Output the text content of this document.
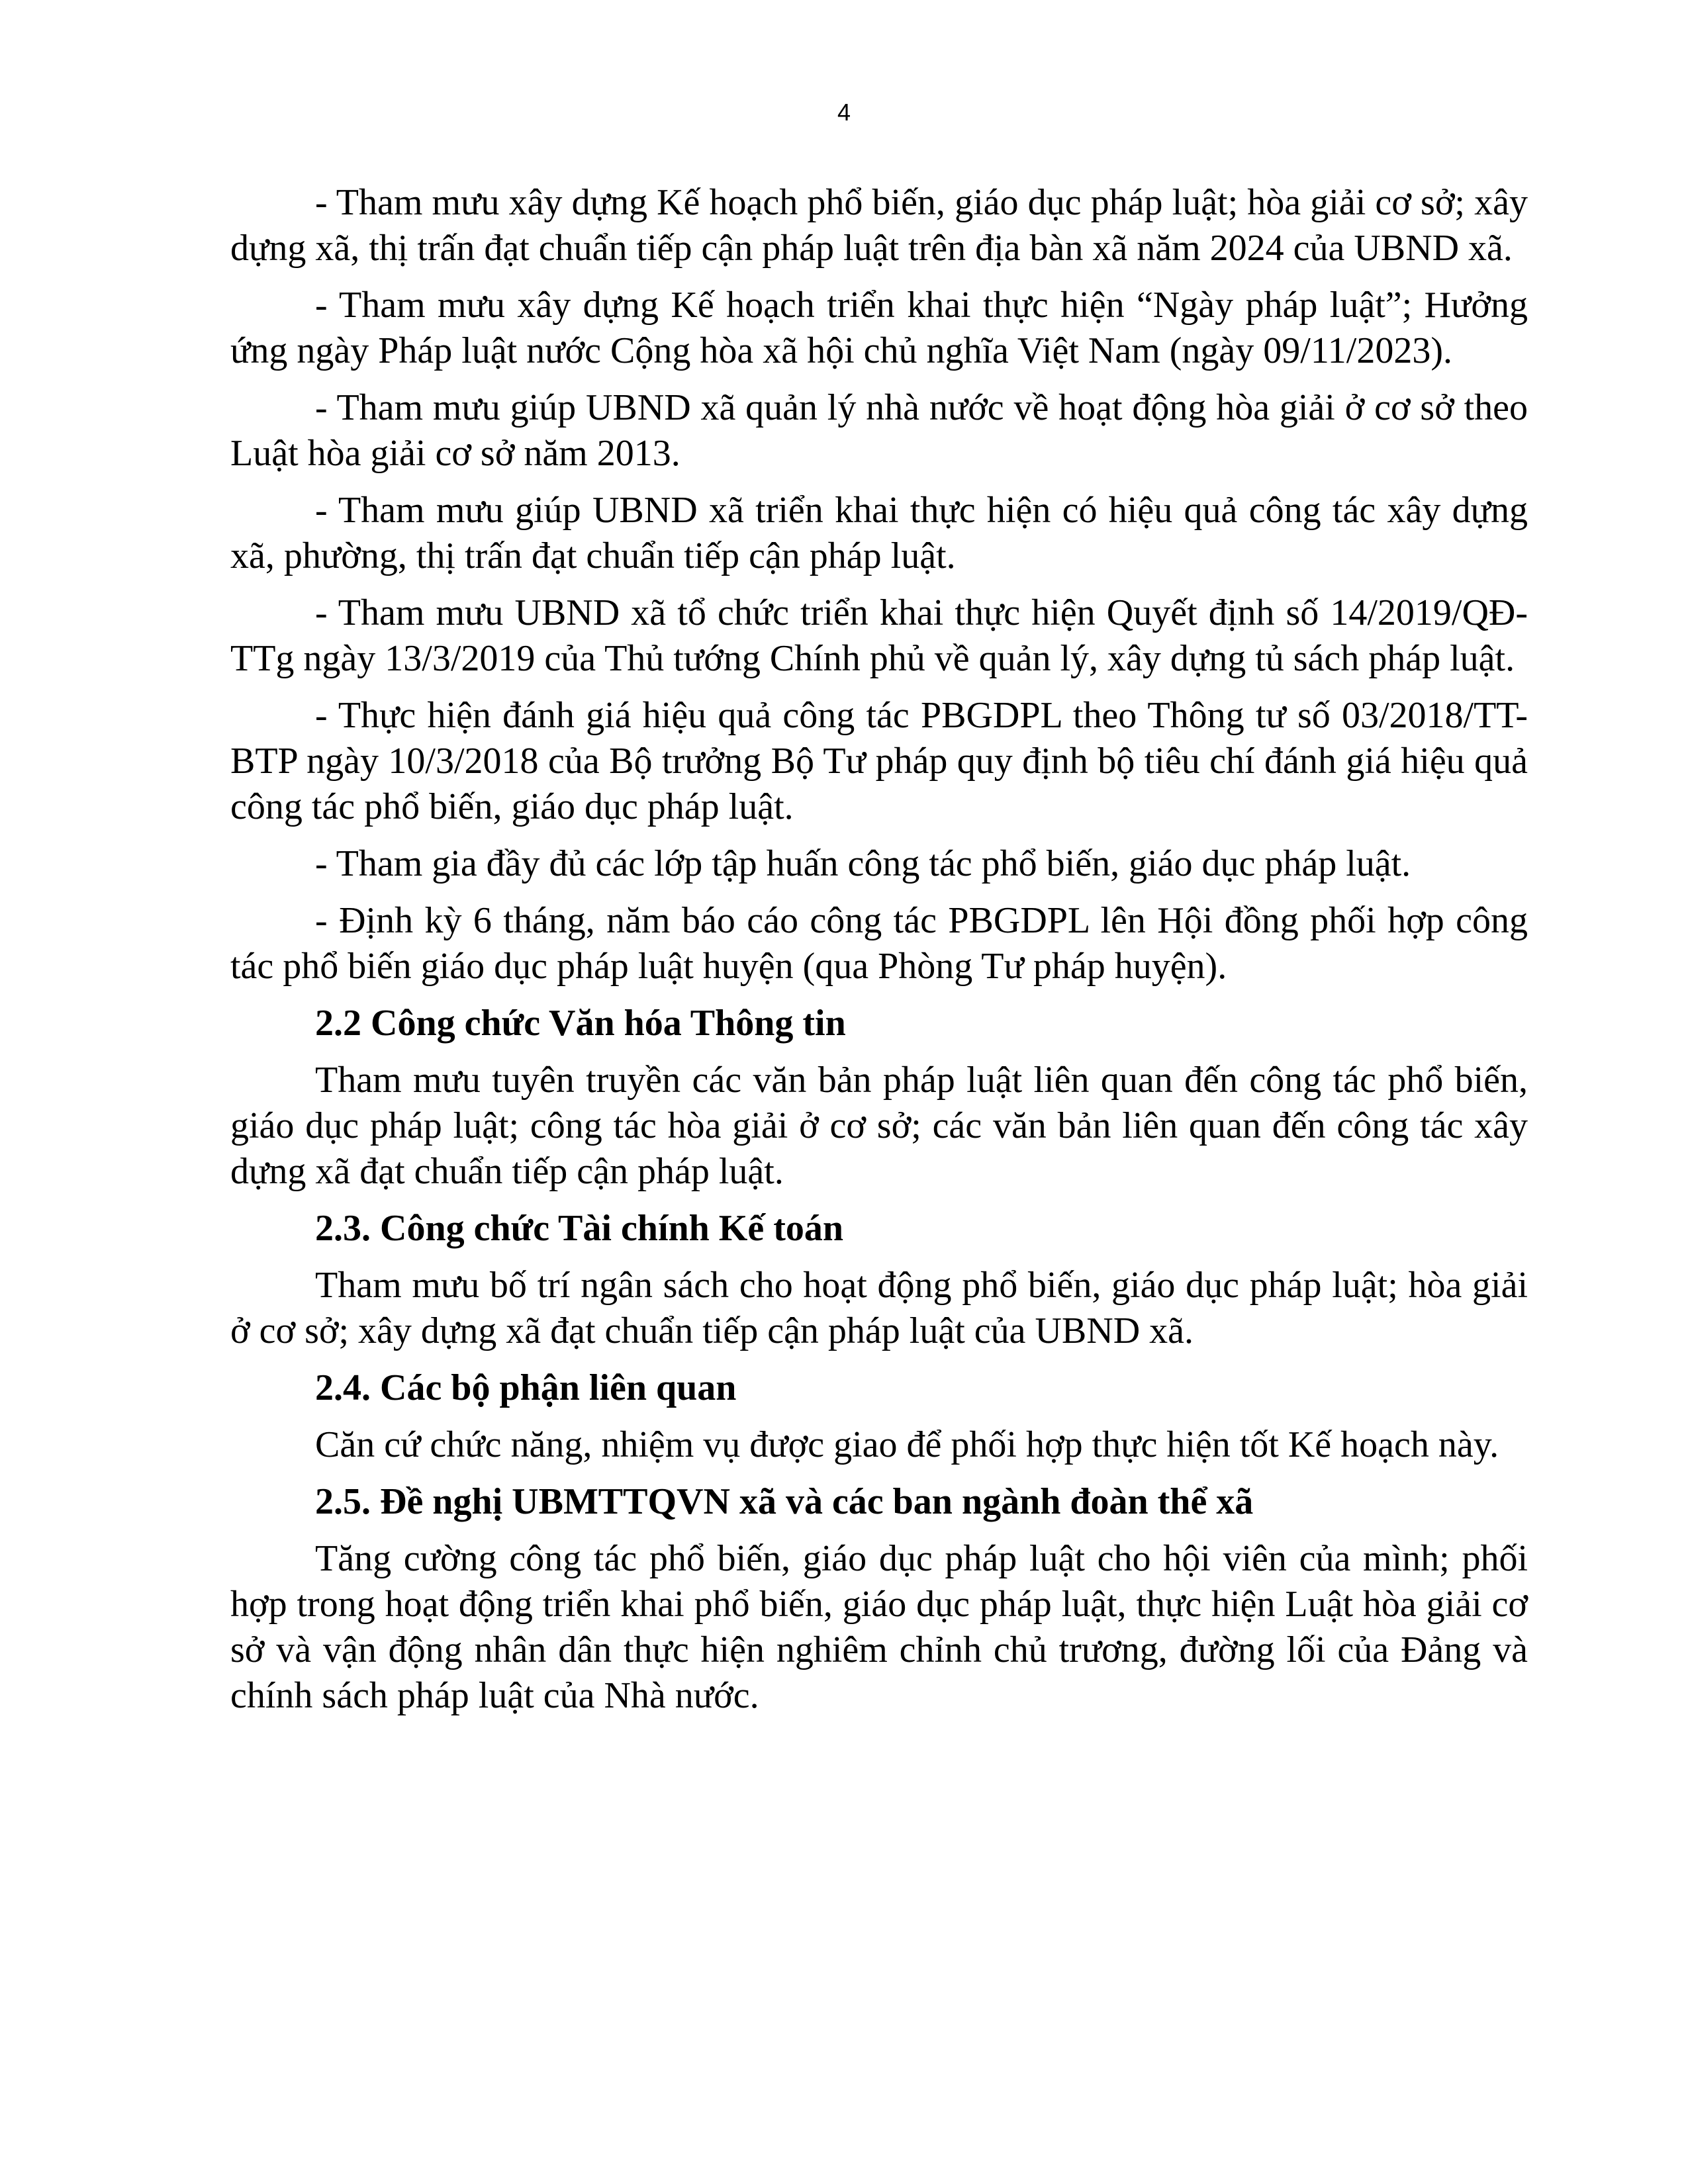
4

- Tham mưu xây dựng Kế hoạch phổ biến, giáo dục pháp luật; hòa giải cơ sở; xây dựng xã, thị trấn đạt chuẩn tiếp cận pháp luật trên địa bàn xã năm 2024 của UBND xã.

- Tham mưu xây dựng Kế hoạch triển khai thực hiện “Ngày pháp luật”; Hưởng ứng ngày Pháp luật nước Cộng hòa xã hội chủ nghĩa Việt Nam (ngày 09/11/2023).

- Tham mưu giúp UBND xã quản lý nhà nước về hoạt động hòa giải ở cơ sở theo Luật hòa giải cơ sở năm 2013.

- Tham mưu giúp UBND xã triển khai thực hiện có hiệu quả công tác xây dựng xã, phường, thị trấn đạt chuẩn tiếp cận pháp luật.

- Tham mưu UBND xã tổ chức triển khai thực hiện Quyết định số 14/2019/QĐ-TTg ngày 13/3/2019 của Thủ tướng Chính phủ về quản lý, xây dựng tủ sách pháp luật.

- Thực hiện đánh giá hiệu quả công tác PBGDPL theo Thông tư số 03/2018/TT-BTP ngày 10/3/2018 của Bộ trưởng Bộ Tư pháp quy định bộ tiêu chí đánh giá hiệu quả công tác phổ biến, giáo dục pháp luật.

- Tham gia đầy đủ các lớp tập huấn công tác phổ biến, giáo dục pháp luật.

- Định kỳ 6 tháng, năm báo cáo công tác PBGDPL lên Hội đồng phối hợp công tác phổ biến giáo dục pháp luật huyện (qua Phòng Tư pháp huyện).

2.2 Công chức Văn hóa Thông tin

Tham mưu tuyên truyền các văn bản pháp luật liên quan đến công tác phổ biến, giáo dục pháp luật; công tác hòa giải ở cơ sở; các văn bản liên quan đến công tác xây dựng xã đạt chuẩn tiếp cận pháp luật.

2.3. Công chức Tài chính Kế toán

Tham mưu bố trí ngân sách cho hoạt động phổ biến, giáo dục pháp luật; hòa giải ở cơ sở; xây dựng xã đạt chuẩn tiếp cận pháp luật của UBND xã.

2.4. Các bộ phận liên quan

Căn cứ chức năng, nhiệm vụ được giao để phối hợp thực hiện tốt Kế hoạch này.

2.5. Đề nghị UBMTTQVN xã và các ban ngành đoàn thể xã

Tăng cường công tác phổ biến, giáo dục pháp luật cho hội viên của mình; phối hợp trong hoạt động triển khai phổ biến, giáo dục pháp luật, thực hiện Luật hòa giải cơ sở và vận động nhân dân thực hiện nghiêm chỉnh chủ trương, đường lối của Đảng và chính sách pháp luật của Nhà nước.
